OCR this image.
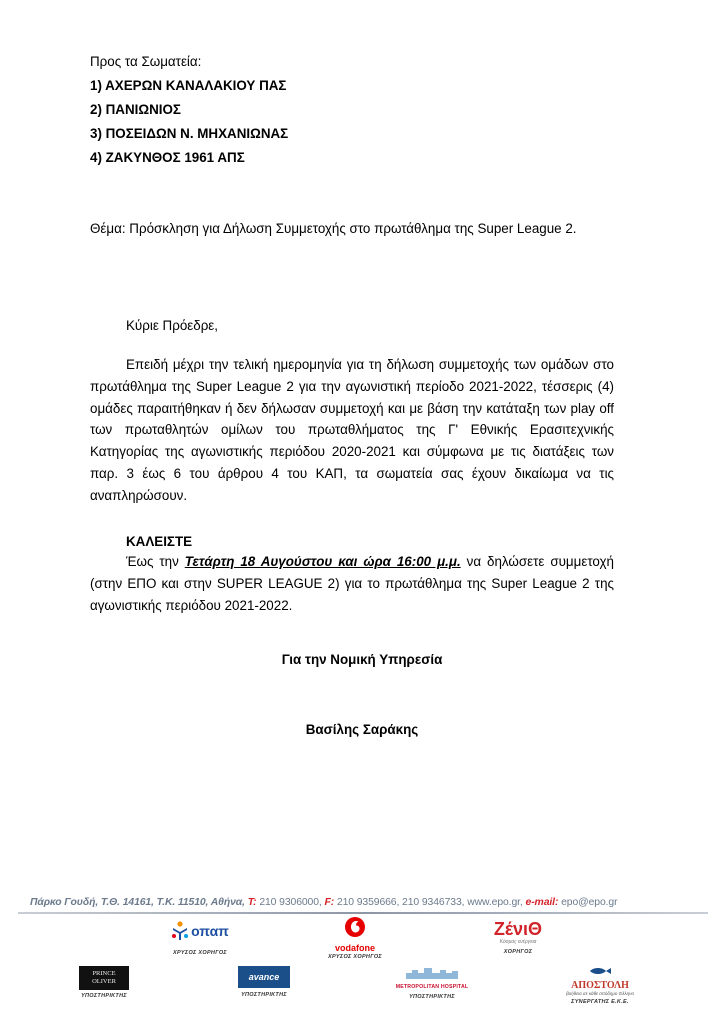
Προς τα Σωματεία:
1) ΑΧΕΡΩΝ ΚΑΝΑΛΑΚΙΟΥ ΠΑΣ
2) ΠΑΝΙΩΝΙΟΣ
3) ΠΟΣΕΙΔΩΝ Ν. ΜΗΧΑΝΙΩΝΑΣ
4) ΖΑΚΥΝΘΟΣ 1961 ΑΠΣ
Θέμα: Πρόσκληση για Δήλωση Συμμετοχής στο πρωτάθλημα της Super League 2.
Κύριε Πρόεδρε,
Επειδή μέχρι την τελική ημερομηνία για τη δήλωση συμμετοχής των ομάδων στο πρωτάθλημα της Super League 2 για την αγωνιστική περίοδο 2021-2022, τέσσερις (4) ομάδες παραιτήθηκαν ή δεν δήλωσαν συμμετοχή και με βάση την κατάταξη των play off των πρωταθλητών ομίλων του πρωταθλήματος της Γ' Εθνικής Ερασιτεχνικής Κατηγορίας της αγωνιστικής περιόδου 2020-2021 και σύμφωνα με τις διατάξεις των παρ. 3 έως 6 του άρθρου 4 του ΚΑΠ, τα σωματεία σας έχουν δικαίωμα να τις αναπληρώσουν.
ΚΑΛΕΙΣΤΕ
Έως την Τετάρτη 18 Αυγούστου και ώρα 16:00 μ.μ. να δηλώσετε συμμετοχή (στην ΕΠΟ και στην SUPER LEAGUE 2) για το πρωτάθλημα της Super League 2 της αγωνιστικής περιόδου 2021-2022.
Για την Νομική Υπηρεσία
Βασίλης Σαράκης
Πάρκο Γουδή, Τ.Θ. 14161, Τ.Κ. 11510, Αθήνα, T: 210 9306000, F: 210 9359666, 210 9346733, www.epo.gr, e-mail: epo@epo.gr
οπαπ
ΧΡΥΣΟΣ ΧΟΡΗΓΟΣ	vodafone
ΧΡΥΣΟΣ ΧΟΡΗΓΟΣ
ΖένιΘ
Κόσμος ενέργεια
ΧΟΡΗΓΟΣ
PRINCE OLIVER
ΥΠΟΣΤΗΡΙΚΤΗΣ
avance
ΥΠΟΣΤΗΡΙΚΤΗΣ
ΜΕΤROPOLITAN HOSPITAL
ΥΠΟΣΤΗΡΙΚΤΗΣ
ΑΠΟΣΤΟΛΗ
βοήθεια σε κάθε απόδημο Έλληνα
ΣΥΝΕΡΓΑΤΗΣ Ε.Κ.Ε.
